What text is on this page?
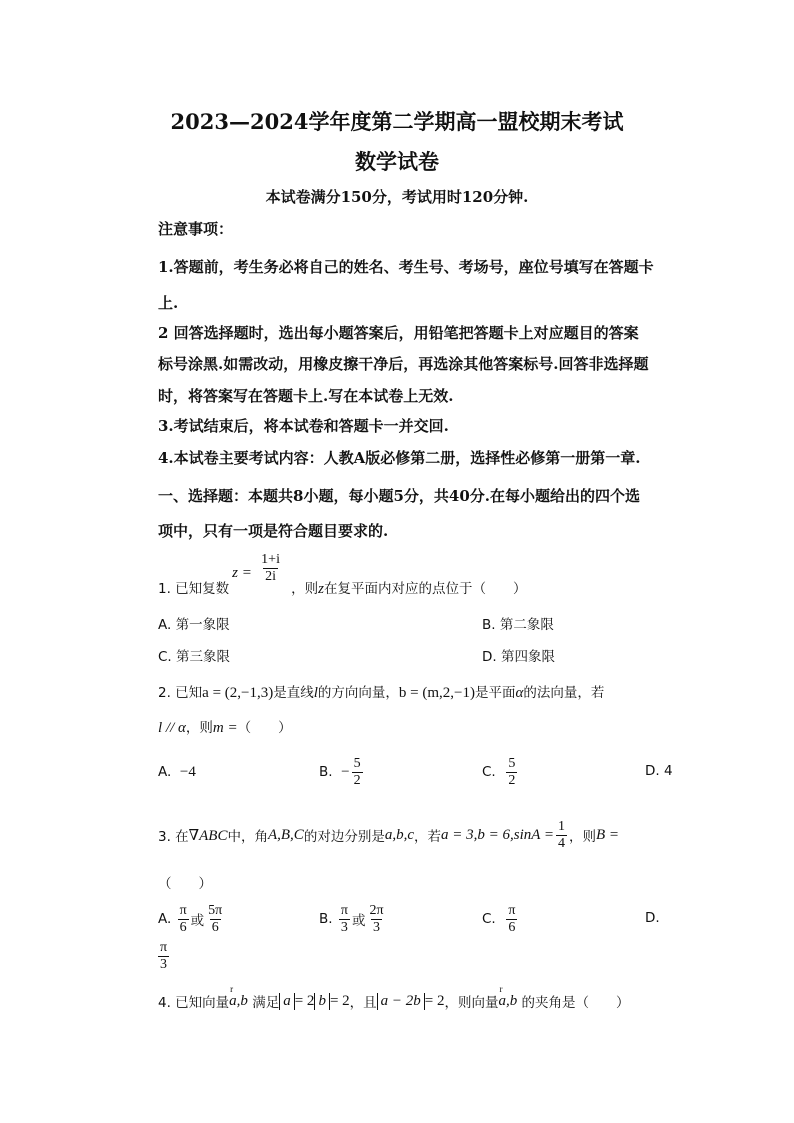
2023—2024学年度第二学期高一盟校期末考试
数学试卷
本试卷满分150分，考试用时120分钟.
注意事项：
1.答题前，考生务必将自己的姓名、考生号、考场号，座位号填写在答题卡
上.
2 回答选择题时，选出每小题答案后，用铅笔把答题卡上对应题目的答案
标号涂黑.如需改动，用橡皮擦干净后，再选涂其他答案标号.回答非选择题
时，将答案写在答题卡上.写在本试卷上无效.
3.考试结束后，将本试卷和答题卡一并交回.
4.本试卷主要考试内容：人教A版必修第二册，选择性必修第一册第一章.
一、选择题：本题共8小题，每小题5分，共40分.在每小题给出的四个选
项中，只有一项是符合题目要求的.
1. 已知复数
$z = \frac{1+i}{2i}$
，则 z 在复平面内对应的点位于（　　）
A. 第一象限	B. 第二象限
C. 第三象限	D. 第四象限
2. 已知a = (2,−1,3)是直线l的方向向量，b = (m,2,−1)是平面α的法向量，若
l // α，则m =（　　）
A.
−4	B.
− $\frac{5}{2}$	C.
$\frac{5}{2}$	D. 4
3. 在 ∇ABC 中，角 A,B,C 的对边分别是 a,b,c ，若 $a = 3,b = 6,\sin A = \frac{1}{4}$ ，则 B =
（　　）
A.
$\frac{\pi}{6}$ 或 $\frac{5\pi}{6}$	B.
$\frac{\pi}{3}$ 或 $\frac{2\pi}{3}$	C.
$\frac{\pi}{6}$	D.
$\frac{\pi}{3}$
4. 已知向量 r a,b
满足 a = 2 b = 2 ，且 a − 2b = 2 ，则向量 r a,b
的夹角是（　　）
